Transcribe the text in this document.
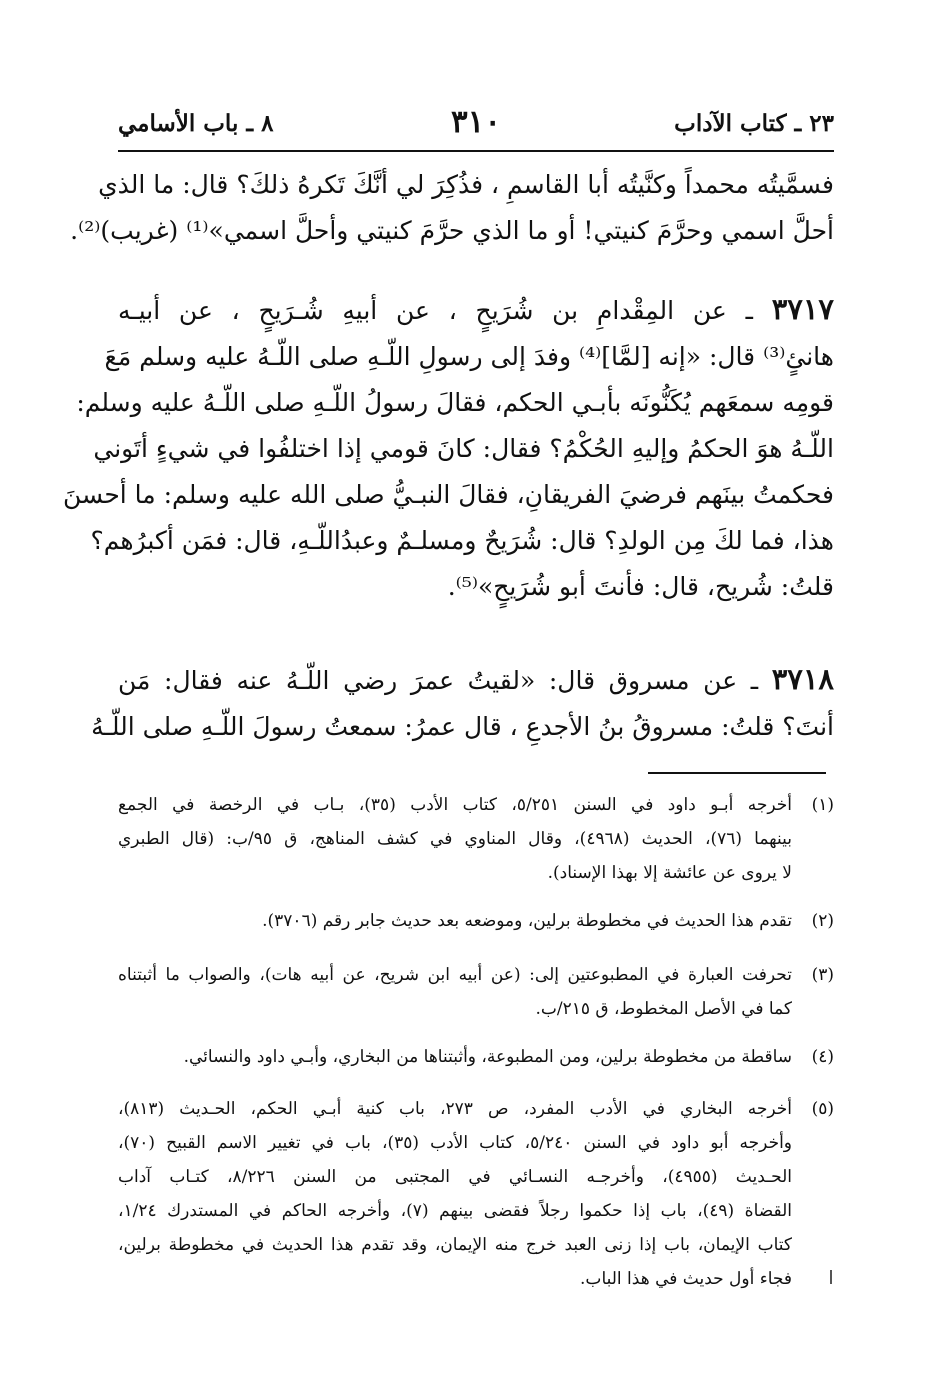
٢٣ ـ كتاب الآداب
٣١٠
٨ ـ باب الأسامي
فسمَّيتُه محمداً وكنَّيتُه أبا القاسمِ ، فذُكِرَ لي أنَّكَ تَكرهُ ذلكَ؟ قال: ما الذي
أحلَّ اسمي وحرَّمَ كنيتي! أو ما الذي حرَّمَ كنيتي وأحلَّ اسمي»⁽¹⁾ (غريب)⁽²⁾.
٣٧١٧ ـ عن المِقْدامِ بن شُرَيحٍ ، عن أبيهِ شُـرَيحٍ ، عن أبيـه
هانئٍ⁽³⁾ قال: «إنه [لمَّا]⁽⁴⁾ وفدَ إلى رسولِ اللّـهِ صلى اللّـهُ عليه وسلم مَعَ
قومِه سمعَهم يُكَنُّونَه بأبـي الحكم، فقالَ رسولُ اللّـهِ صلى اللّـهُ عليه وسلم:
اللّـهُ هوَ الحكمُ وإليهِ الحُكْمُ؟ فقال: كانَ قومي إذا اختلفُوا في شيءٍ أتَوني
فحكمتُ بينَهم فرضيَ الفريقانِ، فقالَ النبـيُّ صلى الله عليه وسلم: ما أحسنَ
هذا، فما لكَ مِن الولدِ؟ قال: شُرَيحٌ ومسلـمٌ وعبدُاللّـهِ، قال: فمَن أكبرُهم؟
قلتُ: شُريح، قال: فأنتَ أبو شُرَيحٍ»⁽⁵⁾.
٣٧١٨ ـ عن مسروق قال: «لقيتُ عمرَ رضي اللّـهُ عنه فقال: مَن
أنتَ؟ قلتُ: مسروقُ بنُ الأجدعِ ، قال عمرُ: سمعتُ رسولَ اللّـهِ صلى اللّـهُ
(١)
أخرجه أبـو داود في السنن ٥/٢٥١، كتاب الأدب (٣٥)، بـاب في الرخصة في الجمع
بينهما (٧٦)، الحديث (٤٩٦٨)، وقال المناوي في كشف المناهج، ق ٩٥/ب: (قال الطبري
لا يروى عن عائشة إلا بهذا الإسناد).
(٢)
تقدم هذا الحديث في مخطوطة برلين، وموضعه بعد حديث جابر رقم (٣٧٠٦).
(٣)
تحرفت العبارة في المطبوعتين إلى: (عن أبيه ابن شريح، عن أبيه هات)، والصواب ما أثبتناه
كما في الأصل المخطوط، ق ٢١٥/ب.
(٤)
ساقطة من مخطوطة برلين، ومن المطبوعة، وأثبتناها من البخاري، وأبـي داود والنسائي.
(٥)
أخرجه البخاري في الأدب المفرد، ص ٢٧٣، باب كنية أبـي الحكم، الحـديث (٨١٣)،
وأخرجه أبو داود في السنن ٥/٢٤٠، كتاب الأدب (٣٥)، باب في تغيير الاسم القبيح (٧٠)،
الحـديث (٤٩٥٥)، وأخرجـه النسـائي في المجتبى من السنن ٨/٢٢٦، كتـاب آداب
القضاة (٤٩)، باب إذا حكموا رجلاً فقضى بينهم (٧)، وأخرجه الحاكم في المستدرك ١/٢٤،
كتاب الإيمان، باب إذا زنى العبد خرج منه الإيمان، وقد تقدم هذا الحديث في مخطوطة برلين،
فجاء أول حديث في هذا الباب.
